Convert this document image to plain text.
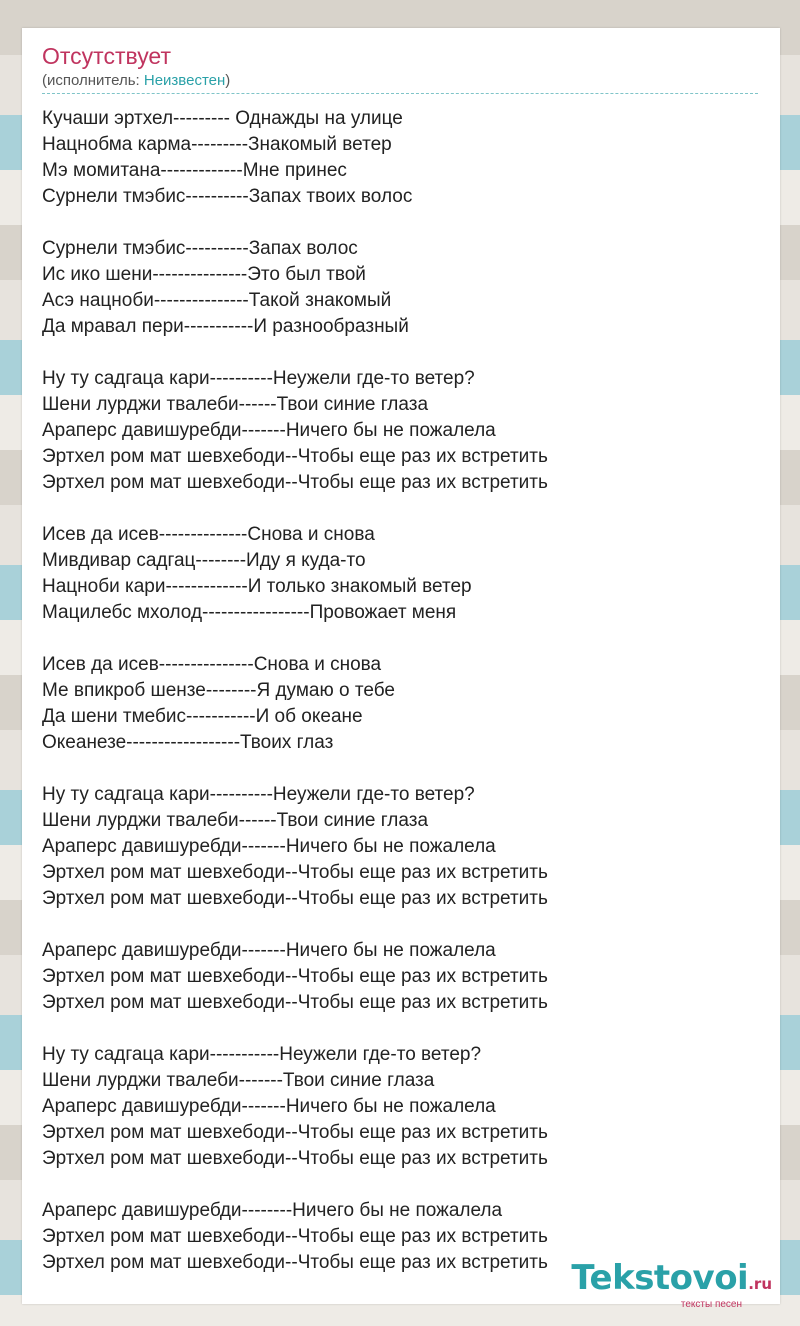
Отсутствует
(исполнитель: Неизвестен)
Кучаши эртхел--------- Однажды на улице
Нацнобма карма---------Знакомый ветер
Мэ момитана-------------Мне принес
Сурнели тмэбис----------Запах твоих волос
Сурнели тмэбис----------Запах волос
Ис ико шени---------------Это был твой
Асэ нацноби---------------Такой знакомый
Да мравал пери-----------И разнообразный
Ну ту садгаца кари----------Неужели где-то ветер?
Шени лурджи твалеби------Твои синие глаза
Араперс давишуребди-------Ничего бы не пожалела
Эртхел ром мат шевхебоди--Чтобы еще раз их встретить
Эртхел ром мат шевхебоди--Чтобы еще раз их встретить
Исев да исев--------------Снова и снова
Мивдивар садгац--------Иду я куда-то
Нацноби кари-------------И только знакомый ветер
Мацилебс мхолод-----------------Провожает меня
Исев да исев---------------Снова и снова
Ме впикроб шензе--------Я думаю о тебе
Да шени тмебис-----------И об океане
Океанезе------------------Твоих глаз
Ну ту садгаца кари----------Неужели где-то ветер?
Шени лурджи твалеби------Твои синие глаза
Араперс давишуребди-------Ничего бы не пожалела
Эртхел ром мат шевхебоди--Чтобы еще раз их встретить
Эртхел ром мат шевхебоди--Чтобы еще раз их встретить
Араперс давишуребди-------Ничего бы не пожалела
Эртхел ром мат шевхебоди--Чтобы еще раз их встретить
Эртхел ром мат шевхебоди--Чтобы еще раз их встретить
Ну ту садгаца кари-----------Неужели где-то ветер?
Шени лурджи твалеби-------Твои синие глаза
Араперс давишуребди-------Ничего бы не пожалела
Эртхел ром мат шевхебоди--Чтобы еще раз их встретить
Эртхел ром мат шевхебоди--Чтобы еще раз их встретить
Араперс давишуребди--------Ничего бы не пожалела
Эртхел ром мат шевхебоди--Чтобы еще раз их встретить
Эртхел ром мат шевхебоди--Чтобы еще раз их встретить Tekstovoi.ru
тексты песен
